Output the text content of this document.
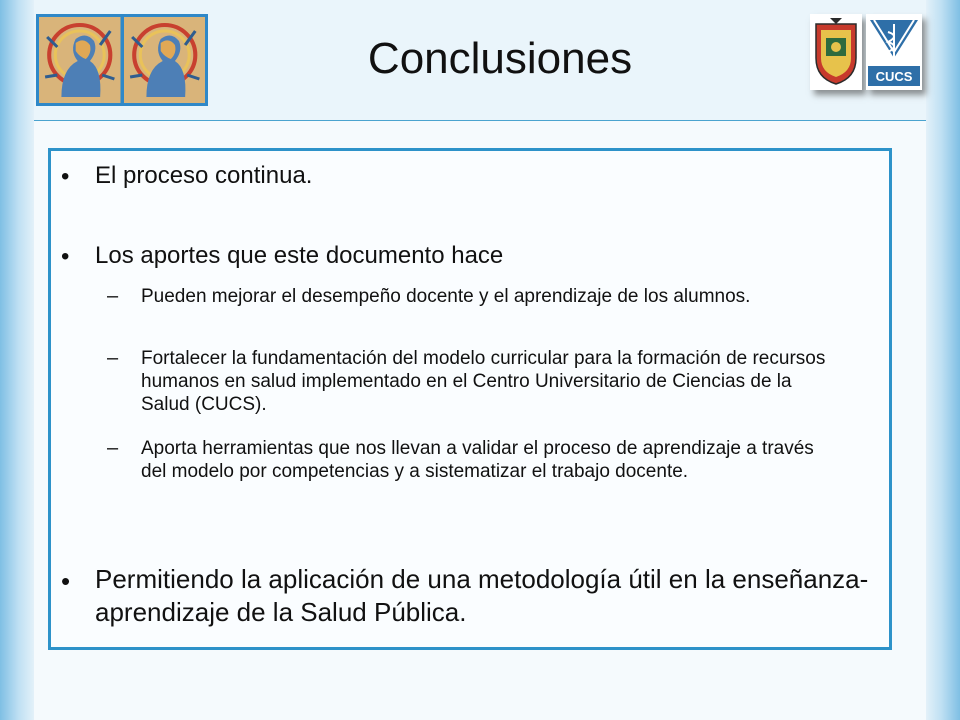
Conclusiones	CUCS
• El proceso continua.
• Los aportes que este documento hace
– Pueden mejorar el desempeño docente y el aprendizaje de los alumnos.
– Fortalecer la fundamentación del modelo curricular para la formación de recursos humanos en salud implementado en el Centro Universitario de Ciencias de la Salud (CUCS).
– Aporta herramientas que nos llevan a validar el proceso de aprendizaje a través del modelo por competencias y a sistematizar el trabajo docente.
• Permitiendo la aplicación de una metodología útil en la enseñanza-aprendizaje de la Salud Pública.
